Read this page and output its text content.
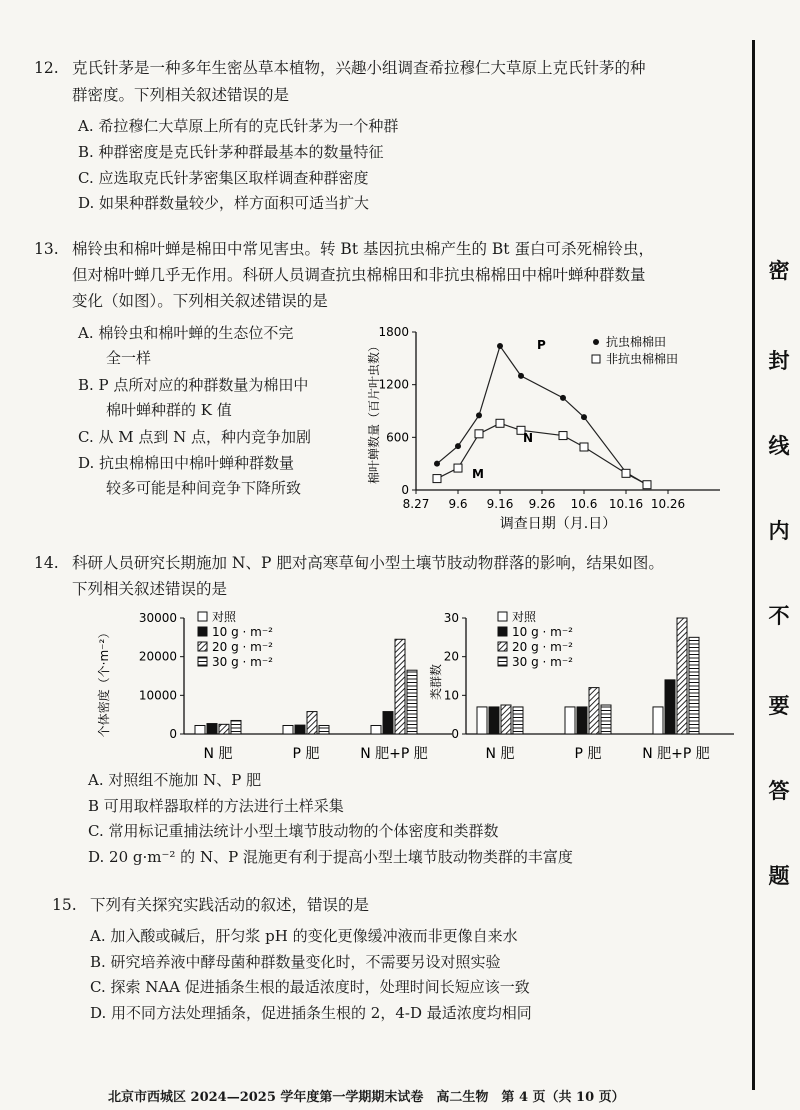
12. 克氏针茅是一种多年生密丛草本植物，兴趣小组调查希拉穆仁大草原上克氏针茅的种
群密度。下列相关叙述错误的是
A. 希拉穆仁大草原上所有的克氏针茅为一个种群
B. 种群密度是克氏针茅种群最基本的数量特征
C. 应选取克氏针茅密集区取样调查种群密度
D. 如果种群数量较少，样方面积可适当扩大
13. 棉铃虫和棉叶蝉是棉田中常见害虫。转 Bt 基因抗虫棉产生的 Bt 蛋白可杀死棉铃虫，
但对棉叶蝉几乎无作用。科研人员调查抗虫棉棉田和非抗虫棉棉田中棉叶蝉种群数量
变化（如图）。下列相关叙述错误的是
A. 棉铃虫和棉叶蝉的生态位不完
全一样
B. P 点所对应的种群数量为棉田中
棉叶蝉种群的 K 值
C. 从 M 点到 N 点，种内竞争加剧
D. 抗虫棉棉田中棉叶蝉种群数量
较多可能是种间竞争下降所致	0
600
1200
1800
8.27 9.6 9.16 9.26 10.6 10.16 10.26
棉叶蝉数量（百片叶虫数）
调查日期（月.日）
抗虫棉棉田
非抗虫棉棉田
P
M
N
14. 科研人员研究长期施加 N、P 肥对高寒草甸小型土壤节肢动物群落的影响，结果如图。
下列相关叙述错误的是
0
10000
20000
30000
N 肥	P 肥	N 肥+P 肥
对照
10 g · m⁻²
20 g · m⁻²
30 g · m⁻²
个体密度（个·m⁻²）	0
10
20
30
N 肥	P 肥	N 肥+P 肥
对照
10 g · m⁻²
20 g · m⁻²
30 g · m⁻²
类群数
A. 对照组不施加 N、P 肥
B 可用取样器取样的方法进行土样采集
C. 常用标记重捕法统计小型土壤节肢动物的个体密度和类群数
D. 20 g·m⁻² 的 N、P 混施更有利于提高小型土壤节肢动物类群的丰富度
15. 下列有关探究实践活动的叙述，错误的是
A. 加入酸或碱后，肝匀浆 pH 的变化更像缓冲液而非更像自来水
B. 研究培养液中酵母菌种群数量变化时，不需要另设对照实验
C. 探索 NAA 促进插条生根的最适浓度时，处理时间长短应该一致
D. 用不同方法处理插条，促进插条生根的 2，4-D 最适浓度均相同
北京市西城区 2024—2025 学年度第一学期期末试卷　高二生物　第 4 页（共 10 页）
密
封
线
内
不
要
答
题
